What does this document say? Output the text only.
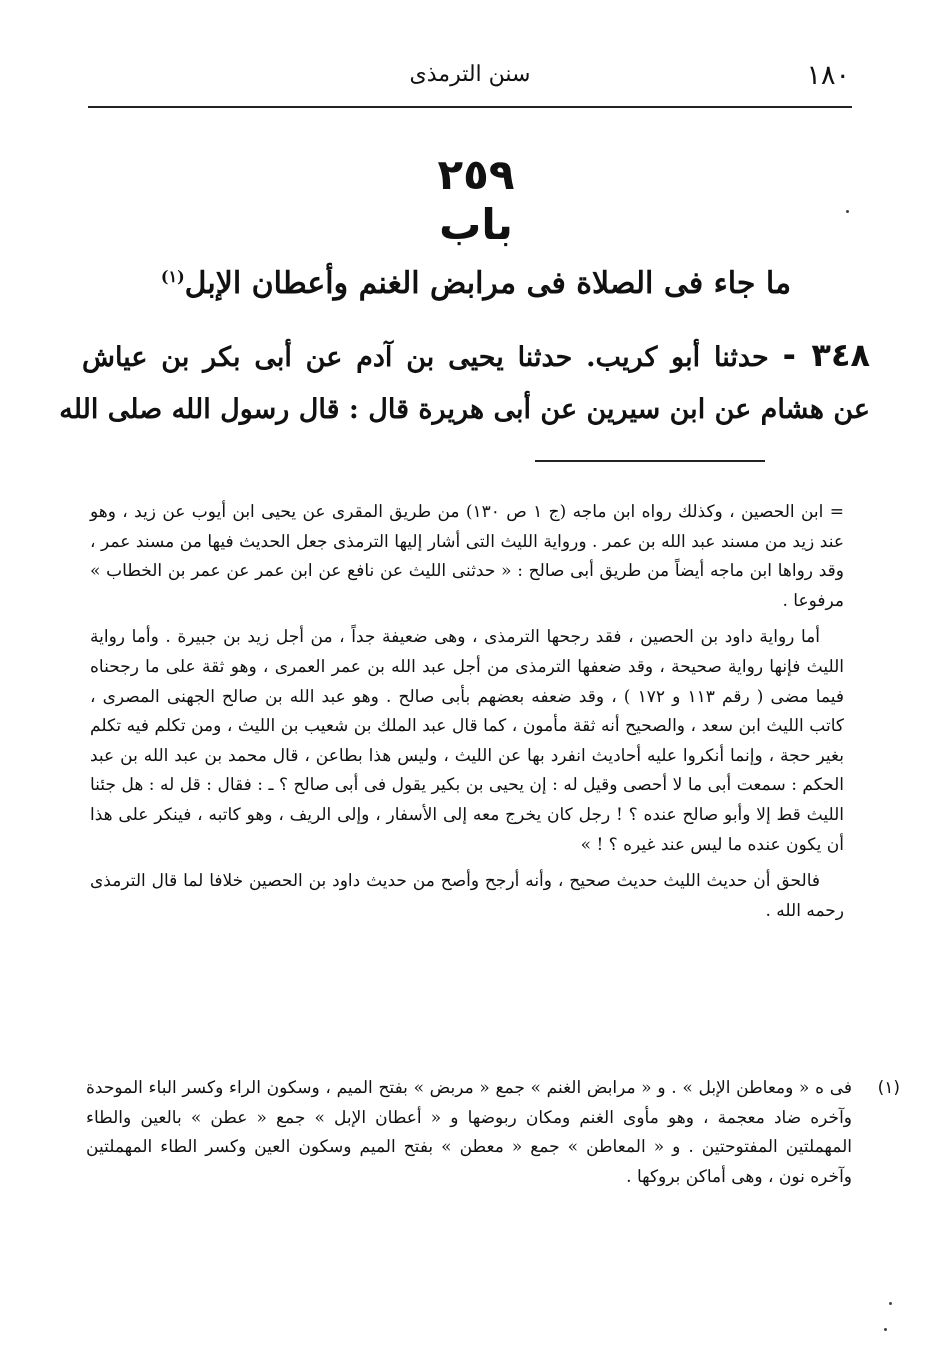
١٨٠
سنن الترمذى
٢٥٩
باب
ما جاء فى الصلاة فى مرابض الغنم وأعطان الإبل$^{(١)}$
٣٤٨ - حدثنا أبو كريب. حدثنا يحيى بن آدم عن أبى بكر بن عياش
عن هشام عن ابن سيرين عن أبى هريرة قال : قال رسول الله صلى الله

= ابن الحصين ، وكذلك رواه ابن ماجه (ج ١ ص ١٣٠) من طريق المقرى عن يحيى ابن أيوب عن زيد ، وهو عند زيد من مسند عبد الله بن عمر . ورواية الليث التى أشار إليها الترمذى جعل الحديث فيها من مسند عمر ، وقد رواها ابن ماجه أيضاً من طريق أبى صالح : « حدثنى الليث عن نافع عن ابن عمر عن عمر بن الخطاب » مرفوعا .

أما رواية داود بن الحصين ، فقد رجحها الترمذى ، وهى ضعيفة جداً ، من أجل زيد بن جبيرة . وأما رواية الليث فإنها رواية صحيحة ، وقد ضعفها الترمذى من أجل عبد الله بن عمر العمرى ، وهو ثقة على ما رجحناه فيما مضى ( رقم ١١٣ و ١٧٢ ) ، وقد ضعفه بعضهم بأبى صالح . وهو عبد الله بن صالح الجهنى المصرى ، كاتب الليث ابن سعد ، والصحيح أنه ثقة مأمون ، كما قال عبد الملك بن شعيب بن الليث ، ومن تكلم فيه تكلم بغير حجة ، وإنما أنكروا عليه أحاديث انفرد بها عن الليث ، وليس هذا بطاعن ، قال محمد بن عبد الله بن عبد الحكم : سمعت أبى ما لا أحصى وقيل له : إن يحيى بن بكير يقول فى أبى صالح ؟ ـ : فقال : قل له : هل جئنا الليث قط إلا وأبو صالح عنده ؟ ! رجل كان يخرج معه إلى الأسفار ، وإلى الريف ، وهو كاتبه ، فينكر على هذا أن يكون عنده ما ليس عند غيره ؟ ! »

فالحق أن حديث الليث حديث صحيح ، وأنه أرجح وأصح من حديث داود بن الحصين خلافا لما قال الترمذى رحمه الله .

(١)
فى ه « ومعاطن الإبل » . و « مرابض الغنم » جمع « مربض » بفتح الميم ، وسكون الراء وكسر الباء الموحدة وآخره ضاد معجمة ، وهو مأوى الغنم ومكان ربوضها و « أعطان الإبل » جمع « عطن » بالعين والطاء المهملتين المفتوحتين . و « المعاطن » جمع « معطن » بفتح الميم وسكون العين وكسر الطاء المهملتين وآخره نون ، وهى أماكن بروكها .
